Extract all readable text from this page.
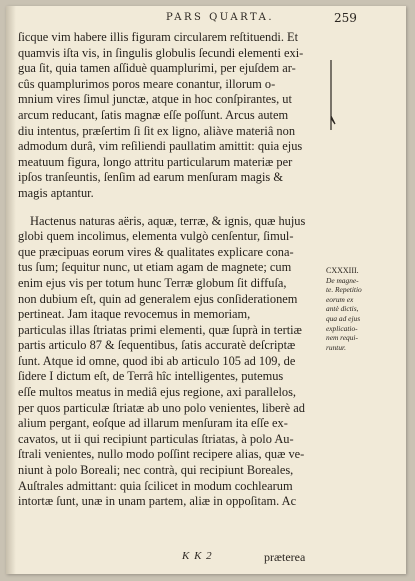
PARS QUARTA.	259
ſicque vim habere illis figuram circularem reſtituendi. Et
quamvis iſta vis, in ſingulis globulis ſecundi elementi exi-
gua ſit, quia tamen aſſiduè quamplurimi, per ejuſdem ar-
cûs quamplurimos poros meare conantur, illorum o-
mnium vires ſimul junctæ, atque in hoc conſpirantes, ut
arcum reducant, ſatis magnæ eſſe poſſunt. Arcus autem
diu intentus, præſertim ſi ſit ex ligno, aliàve materiâ non
admodum durâ, vim reſiliendi paullatim amittit: quia ejus
meatuum figura, longo attritu particularum materiæ per
ipſos tranſeuntis, ſenſim ad earum menſuram magis &
magis aptantur.
Hactenus naturas aëris, aquæ, terræ, & ignis, quæ hujus
globi quem incolimus, elementa vulgò cenſentur, ſimul-
que præcipuas eorum vires & qualitates explicare cona-
tus ſum; ſequitur nunc, ut etiam agam de magnete; cum
enim ejus vis per totum hunc Terræ globum ſit diffuſa,
non dubium eſt, quin ad generalem ejus conſiderationem
pertineat. Jam itaque revocemus in memoriam,
particulas illas ſtriatas primi elementi, quæ ſuprà in tertiæ
partis articulo 87 & ſequentibus, ſatis accuratè deſcriptæ
ſunt. Atque id omne, quod ibi ab articulo 105 ad 109, de
ſidere I dictum eſt, de Terrâ hîc intelligentes, putemus
eſſe multos meatus in mediâ ejus regione, axi parallelos,
per quos particulæ ſtriatæ ab uno polo venientes, liberè ad
alium pergant, eoſque ad illarum menſuram ita eſſe ex-
cavatos, ut ii qui recipiunt particulas ſtriatas, à polo Au-
ſtrali venientes, nullo modo poſſint recipere alias, quæ ve-
niunt à polo Boreali; nec contrà, qui recipiunt Boreales,
Auſtrales admittant: quia ſcilicet in modum cochlearum
intortæ ſunt, unæ in unam partem, aliæ in oppoſitam. Ac
CXXXIII.
De magne-
te. Repetitio
eorum ex
antè dictis,
qua ad ejus
explicatio-
nem requi-
runtur.
K K 2	præterea
